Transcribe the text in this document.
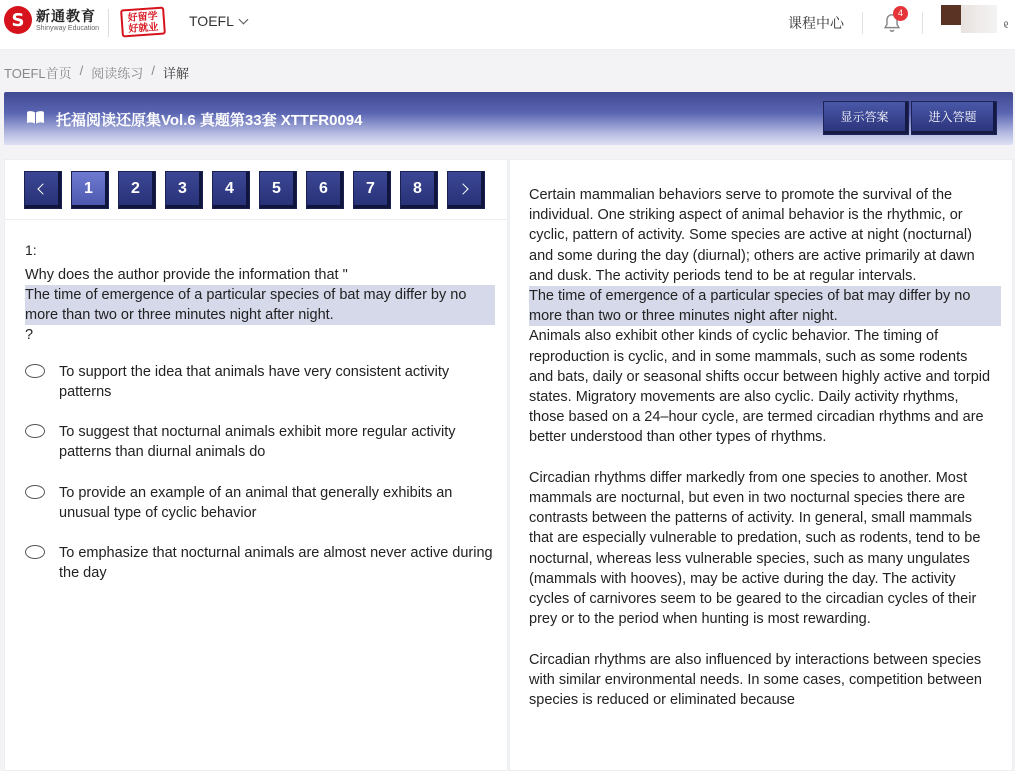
S 新通教育
Shinyway Education
好留学 好就业	TOEFL	课程中心
4
ᵨ
TOEFL首页 / 阅读练习 / 详解
托福阅读还原集Vol.6 真题第33套 XTTFR0094	显示答案	进入答题
1	2	3	4	5	6	7	8
1:
Why does the author provide the information that "
The time of emergence of a particular species of bat may differ by no more than two or three minutes night after night.
?
To support the idea that animals have very consistent activity patterns
To suggest that nocturnal animals exhibit more regular activity patterns than diurnal animals do
To provide an example of an animal that generally exhibits an unusual type of cyclic behavior
To emphasize that nocturnal animals are almost never active during the day

Certain mammalian behaviors serve to promote the survival of the individual. One striking aspect of animal behavior is the rhythmic, or cyclic, pattern of activity. Some species are active at night (nocturnal) and some during the day (diurnal); others are active primarily at dawn and dusk. The activity periods tend to be at regular intervals.
The time of emergence of a particular species of bat may differ by no more than two or three minutes night after night.
Animals also exhibit other kinds of cyclic behavior. The timing of reproduction is cyclic, and in some mammals, such as some rodents and bats, daily or seasonal shifts occur between highly active and torpid states. Migratory movements are also cyclic. Daily activity rhythms, those based on a 24–hour cycle, are termed circadian rhythms and are better understood than other types of rhythms.

Circadian rhythms differ markedly from one species to another. Most mammals are nocturnal, but even in two nocturnal species there are contrasts between the patterns of activity. In general, small mammals that are especially vulnerable to predation, such as rodents, tend to be nocturnal, whereas less vulnerable species, such as many ungulates (mammals with hooves), may be active during the day. The activity cycles of carnivores seem to be geared to the circadian cycles of their prey or to the period when hunting is most rewarding.

Circadian rhythms are also influenced by interactions between species with similar environmental needs. In some cases, competition between species is reduced or eliminated because
